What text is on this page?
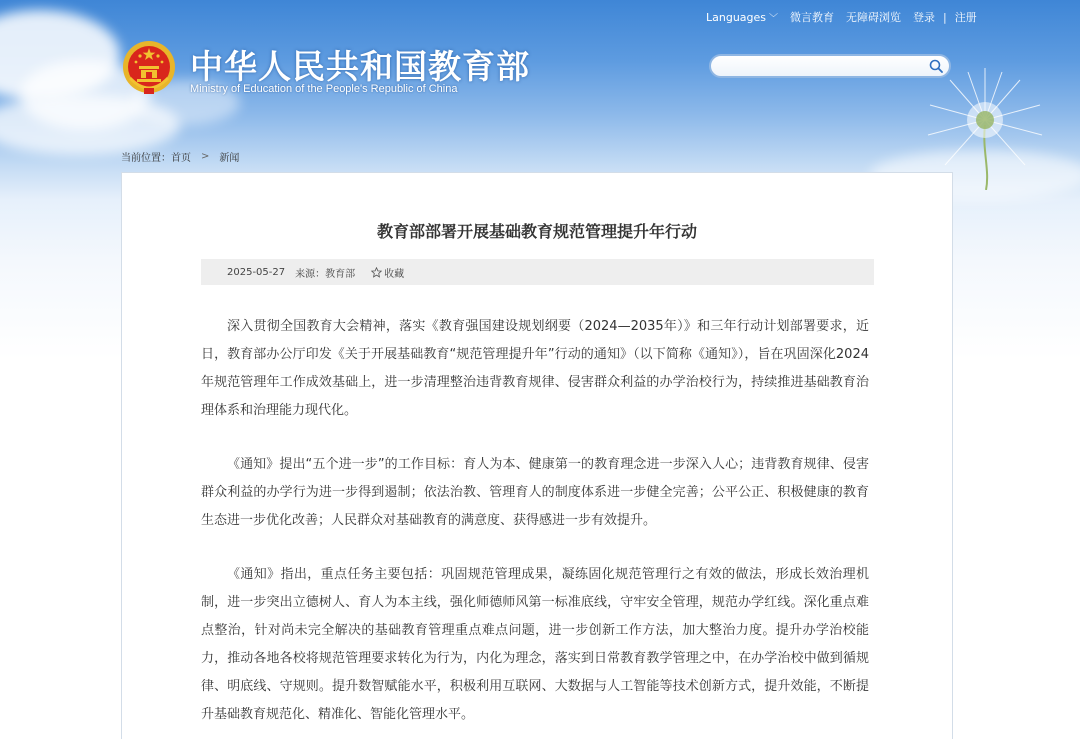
Languages ﹀ 微言教育 无障碍浏览 登录 | 注册
中华人民共和国教育部
Ministry of Education of the People's Republic of China
当前位置： 首页 > 新闻
教育部部署开展基础教育规范管理提升年行动
2025-05-27 来源：教育部	收藏

深入贯彻全国教育大会精神，落实《教育强国建设规划纲要（2024—2035年）》和三年行动计划部署要求，近日，教育部办公厅印发《关于开展基础教育“规范管理提升年”行动的通知》（以下简称《通知》），旨在巩固深化2024年规范管理年工作成效基础上，进一步清理整治违背教育规律、侵害群众利益的办学治校行为，持续推进基础教育治理体系和治理能力现代化。

《通知》提出“五个进一步”的工作目标：育人为本、健康第一的教育理念进一步深入人心；违背教育规律、侵害群众利益的办学行为进一步得到遏制；依法治教、管理育人的制度体系进一步健全完善；公平公正、积极健康的教育生态进一步优化改善；人民群众对基础教育的满意度、获得感进一步有效提升。

《通知》指出，重点任务主要包括：巩固规范管理成果，凝练固化规范管理行之有效的做法，形成长效治理机制，进一步突出立德树人、育人为本主线，强化师德师风第一标准底线，守牢安全管理，规范办学红线。深化重点难点整治，针对尚未完全解决的基础教育管理重点难点问题，进一步创新工作方法，加大整治力度。提升办学治校能力，推动各地各校将规范管理要求转化为行为，内化为理念，落实到日常教育教学管理之中，在办学治校中做到循规律、明底线、守规则。提升数智赋能水平，积极利用互联网、大数据与人工智能等技术创新方式，提升效能，不断提升基础教育规范化、精准化、智能化管理水平。
